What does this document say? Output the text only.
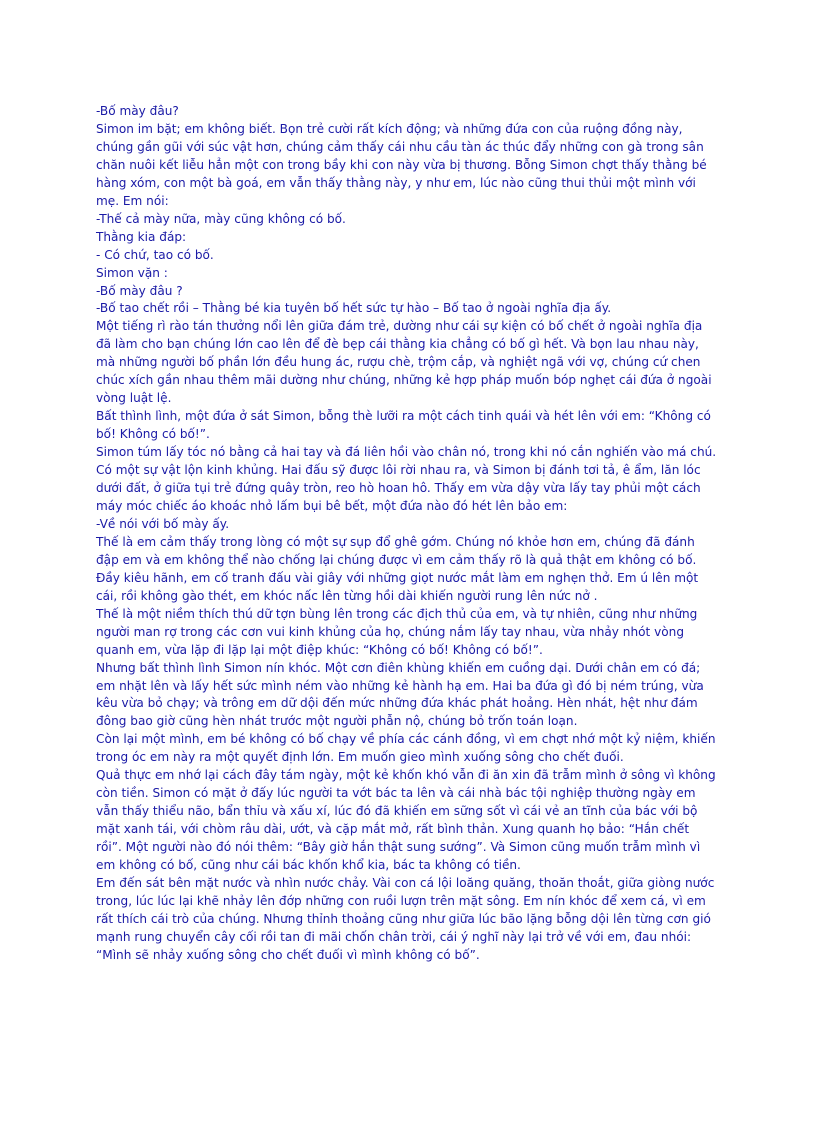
-Bố mày đâu?

Simon im bặt; em không biết. Bọn trẻ cười rất kích động; và những đứa con của ruộng đồng này,

chúng gần gũi với súc vật hơn, chúng cảm thấy cái nhu cầu tàn ác thúc đẩy những con gà trong sân

chăn nuôi kết liễu hẳn một con trong bầy khi con này vừa bị thương. Bỗng Simon chợt thấy thằng bé

hàng xóm, con một bà goá, em vẫn thấy thằng này, y như em, lúc nào cũng thui thủi một mình với

mẹ. Em nói:

-Thế cả mày nữa, mày cũng không có bố.

Thằng kia đáp:

- Có chứ, tao có bố.

Simon vặn :

-Bố mày đâu ?

-Bố tao chết rồi – Thằng bé kia tuyên bố hết sức tự hào – Bố tao ở ngoài nghĩa địa ấy.

Một tiếng rì rào tán thưởng nổi lên giữa đám trẻ, dường như cái sự kiện có bố chết ở ngoài nghĩa địa

đã làm cho bạn chúng lớn cao lên để đè bẹp cái thằng kia chẳng có bố gì hết. Và bọn lau nhau này,

mà những người bố phần lớn đều hung ác, rượu chè, trộm cắp, và nghiệt ngã với vợ, chúng cứ chen

chúc xích gần nhau thêm mãi dường như chúng, những kẻ hợp pháp muốn bóp nghẹt cái đứa ở ngoài

vòng luật lệ.

Bất thình lình, một đứa ở sát Simon, bỗng thè lưỡi ra một cách tinh quái và hét lên với em: “Không có

bố! Không có bố!”.

Simon túm lấy tóc nó bằng cả hai tay và đá liên hồi vào chân nó, trong khi nó cắn nghiến vào má chú.

Có một sự vật lộn kinh khủng. Hai đấu sỹ được lôi rời nhau ra, và Simon bị đánh tơi tả, ê ẩm, lăn lóc

dưới đất, ở giữa tụi trẻ đứng quây tròn, reo hò hoan hô. Thấy em vừa dậy vừa lấy tay phủi một cách

máy móc chiếc áo khoác nhỏ lấm bụi bê bết, một đứa nào đó hét lên bảo em:

-Về nói với bố mày ấy.

Thế là em cảm thấy trong lòng có một sự sụp đổ ghê gớm. Chúng nó khỏe hơn em, chúng đã đánh

đập em và em không thể nào chống lại chúng được vì em cảm thấy rõ là quả thật em không có bố.

Đầy kiêu hãnh, em cố tranh đấu vài giây với những giọt nước mắt làm em nghẹn thở. Em ú lên một

cái, rồi không gào thét, em khóc nấc lên từng hồi dài khiến người rung lên nức nở .

Thế là một niềm thích thú dữ tợn bùng lên trong các địch thủ của em, và tự nhiên, cũng như những

người man rợ trong các cơn vui kinh khủng của họ, chúng nắm lấy tay nhau, vừa nhảy nhót vòng

quanh em, vừa lặp đi lặp lại một điệp khúc: “Không có bố! Không có bố!”.

Nhưng bất thình lình Simon nín khóc. Một cơn điên khùng khiến em cuồng dại. Dưới chân em có đá;

em nhặt lên và lấy hết sức mình ném vào những kẻ hành hạ em. Hai ba đứa gì đó bị ném trúng, vừa

kêu vừa bỏ chạy; và trông em dữ dội đến mức những đứa khác phát hoảng. Hèn nhát, hệt như đám

đông bao giờ cũng hèn nhát trước một người phẫn nộ, chúng bỏ trốn toán loạn.

Còn lại một mình, em bé không có bố chạy về phía các cánh đồng, vì em chợt nhớ một kỷ niệm, khiến

trong óc em này ra một quyết định lớn. Em muốn gieo mình xuống sông cho chết đuối.

Quả thực em nhớ lại cách đây tám ngày, một kẻ khốn khó vẫn đi ăn xin đã trẫm mình ở sông vì không

còn tiền. Simon có mặt ở đấy lúc người ta vớt bác ta lên và cái nhà bác tội nghiệp thường ngày em

vẫn thấy thiểu não, bẩn thỉu và xấu xí, lúc đó đã khiến em sững sốt vì cái vẻ an tĩnh của bác với bộ

mặt xanh tái, với chòm râu dài, ướt, và cặp mắt mở, rất bình thản. Xung quanh họ bảo: “Hắn chết

rồi”. Một người nào đó nói thêm: “Bây giờ hắn thật sung sướng”. Và Simon cũng muốn trẫm mình vì

em không có bố, cũng như cái bác khốn khổ kia, bác ta không có tiền.

Em đến sát bên mặt nước và nhìn nước chảy. Vài con cá lội loăng quăng, thoăn thoắt, giữa giòng nước

trong, lúc lúc lại khẽ nhảy lên đớp những con ruồi lượn trên mặt sông. Em nín khóc để xem cá, vì em

rất thích cái trò của chúng. Nhưng thỉnh thoảng cũng như giữa lúc bão lặng bỗng dội lên từng cơn gió

mạnh rung chuyển cây cối rồi tan đi mãi chốn chân trời, cái ý nghĩ này lại trở về với em, đau nhói:

“Mình sẽ nhảy xuống sông cho chết đuối vì mình không có bố”.
